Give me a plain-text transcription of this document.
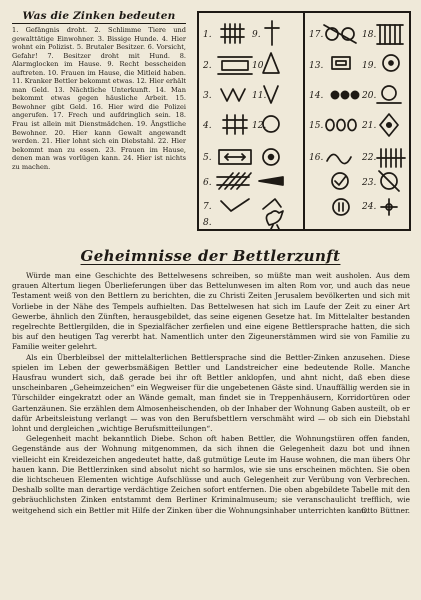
Was die Zinken bedeuten

1. Gefängnis droht. 2. Schlimme Tiere und gewalttätige Einwohner. 3. Bissige Hunde. 4. Hier wohnt ein Polizist. 5. Brutaler Besitzer. 6. Vorsicht, Gefahr! 7. Besitzer droht mit Hund. 8. Alarmglocken im Hause. 9. Recht besscheiden auftreten. 10. Frauen im Hause, die Mitleid haben. 11. Kranker Bettler bekommt etwas. 12. Hier erhält man Geld. 13. Nächtliche Unterkunft. 14. Man bekommt etwas gegen häusliche Arbeit. 15. Bewohner gibt Geld. 16. Hier wird die Polizei angerufen. 17. Frech und aufdringlich sein. 18. Frau ist allein mit Dienstmädchen. 19. Ängstliche Bewohner. 20. Hier kann Gewalt angewandt werden. 21. Hier lohnt sich ein Diebstahl. 22. Hier bekommt man zu essen. 23. Frauen im Hause, denen man was vorlügen kann. 24. Hier ist nichts zu machen.

1.
2.
3.
4.
5.
6.
7.
8.
9.
10.
11.
12.
17.
13.
14.
15.
16.
18.
19.
20.
21.
22.
23.
24.
Geheimnisse der Bettlerzunft

Würde man eine Geschichte des Bettelwesens schreiben, so müßte man weit ausholen. Aus dem grauen Altertum liegen Überlieferungen über das Bettelunwesen im alten Rom vor, und auch das neue Testament weiß von den Bettlern zu berichten, die zu Christi Zeiten Jerusalem bevölkerten und sich mit Vorliebe in der Nähe des Tempels aufhielten. Das Bettelwesen hat sich im Laufe der Zeit zu einer Art Gewerbe, ähnlich den Zünften, herausgebildet, das seine eigenen Gesetze hat. Im Mittelalter bestanden regelrechte Bettlergilden, die in Spezialfächer zerfielen und eine eigene Bettlersprache hatten, die sich bis auf den heutigen Tag vererbt hat. Namentlich unter den Zigeunerstämmen wird sie von Familie zu Familie weiter gelehrt.

Als ein Überbleibsel der mittelalterlichen Bettlersprache sind die Bettler-Zinken anzusehen. Diese spielen im Leben der gewerbsmäßigen Bettler und Landstreicher eine bedeutende Rolle. Manche Hausfrau wundert sich, daß gerade bei ihr oft Bettler anklopfen, und ahnt nicht, daß eben diese unscheinbaren „Geheimzeichen“ ein Wegweiser für die ungebetenen Gäste sind. Unauffällig werden sie in Türschilder eingekratzt oder an Wände gemalt, man findet sie in Treppenhäusern, Korridortüren oder Gartenzäunen. Sie erzählen dem Almosenheischenden, ob der Inhaber der Wohnung Gaben austeilt, ob er dafür Arbeitsleistung verlangt — was von den Berufsbettlern verschmäht wird — ob sich ein Diebstahl lohnt und dergleichen „wichtige Berufsmitteilungen“.

Gelegenheit macht bekanntlich Diebe. Schon oft haben Bettler, die Wohnungstüren offen fanden, Gegenstände aus der Wohnung mitgenommen, da sich ihnen die Gelegenheit dazu bot und ihnen vielleicht ein Kreidezeichen angedeutet hatte, daß gutmütige Leute im Hause wohnen, die man übers Ohr hauen kann. Die Bettlerzinken sind absolut nicht so harmlos, wie sie uns erscheinen möchten. Sie oben die lichtscheuen Elementen wichtige Aufschlüsse und auch Gelegenheit zur Verübung von Verbrechen. Deshalb sollte man derartige verdächtige Zeichen sofort entfernen. Die oben abgebildete Tabelle mit den gebräuchlichsten Zinken entstammt dem Berliner Kriminalmuseum; sie veranschaulicht trefflich, wie weitgehend sich ein Bettler mit Hilfe der Zinken über die Wohnungsinhaber unterrichten kann.

Otto Büttner.
